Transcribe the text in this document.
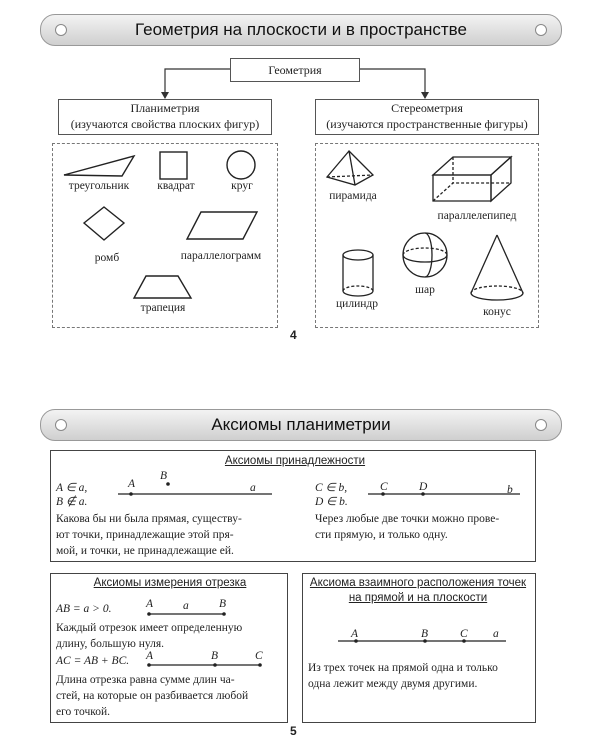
Геометрия на плоскости и в пространстве
Геометрия
Планиметрия
(изучаются свойства плоских фигур)
Стереометрия
(изучаются пространственные фигуры)
треугольник	квадрат	круг
ромб	параллелограмм
трапеция
пирамида
параллелепипед
цилиндр
шар
конус
4
Аксиомы планиметрии
Аксиомы принадлежности
A ∈ a,
B ∉ a.
A
B
a
Какова бы ни была прямая, существу-
ют точки, принадлежащие этой пря-
мой, и точки, не принадлежащие ей.
C ∈ b,
D ∈ b.
C	D	b
Через любые две точки можно прове-
сти прямую, и только одну.
Аксиомы измерения отрезка
AB = a > 0.	A	a	B
Каждый отрезок имеет определенную
длину, большую нуля.
AC = AB + BC. A	B	C
Длина отрезка равна сумме длин ча-
стей, на которые он разбивается любой
его точкой.
Аксиома взаимного расположения точек
на прямой и на плоскости
A	B	C a
Из трех точек на прямой одна и только
одна лежит между двумя другими.
5
